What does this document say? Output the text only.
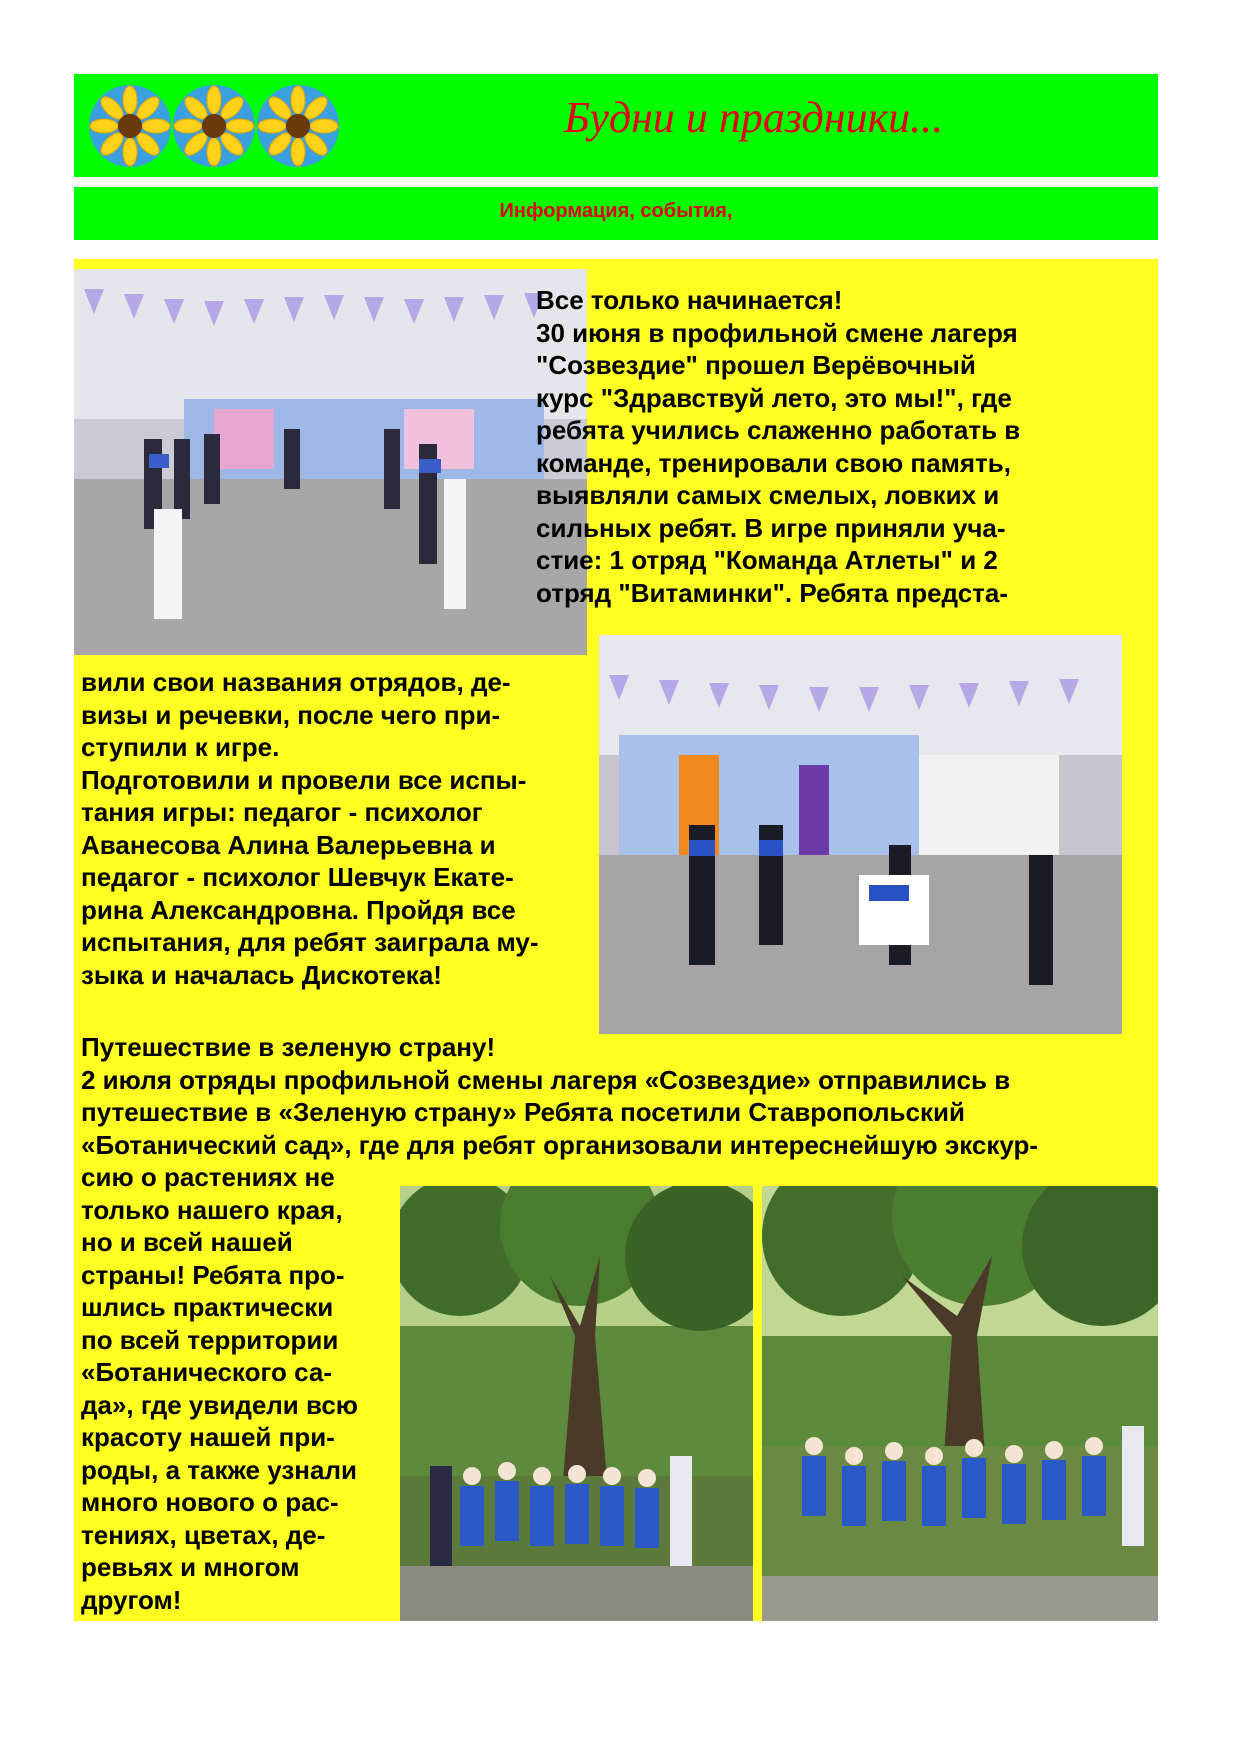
Будни и праздники...
Информация, события,
Все только начинается!
30 июня в профильной смене лагеря
"Созвездие" прошел Верёвочный
курс "Здравствуй лето, это мы!", где
ребята учились слаженно работать в
команде, тренировали свою память,
выявляли самых смелых, ловких и
сильных ребят. В игре приняли уча-
стие: 1 отряд "Команда Атлеты" и 2
отряд "Витаминки". Ребята предста-
вили свои названия отрядов, де-
визы и речевки, после чего при-
ступили к игре.
Подготовили и провели все испы-
тания игры: педагог - психолог
Аванесова Алина Валерьевна и
педагог - психолог Шевчук Екате-
рина Александровна. Пройдя все
испытания, для ребят заиграла му-
зыка и началась Дискотека!
Путешествие в зеленую страну!
2 июля отряды профильной смены лагеря «Созвездие» отправились в
путешествие в «Зеленую страну» Ребята посетили Ставропольский
«Ботанический сад», где для ребят организовали интереснейшую экскур-
сию о растениях не
только нашего края,
но и всей нашей
страны! Ребята про-
шлись практически
по всей территории
«Ботанического са-
да», где увидели всю
красоту нашей при-
роды, а также узнали
много нового о рас-
тениях, цветах, де-
ревьях и многом
другом!
